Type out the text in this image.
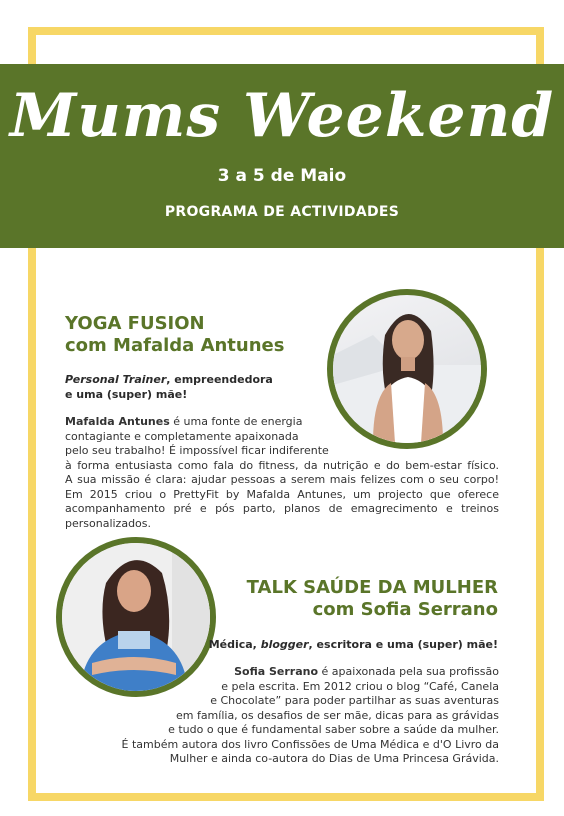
Mums Weekend
3 a 5 de Maio
PROGRAMA DE ACTIVIDADES
YOGA FUSION
com Mafalda Antunes
Personal Trainer, empreendedora
e uma (super) mãe!
Mafalda Antunes é uma fonte de energia
contagiante e completamente apaixonada
pelo seu trabalho! É impossível ficar indiferente
à forma entusiasta como fala do fitness, da nutrição e do bem-estar físico.
A sua missão é clara: ajudar pessoas a serem mais felizes com o seu corpo!
Em 2015 criou o PrettyFit by Mafalda Antunes, um projecto que oferece
acompanhamento pré e pós parto, planos de emagrecimento e treinos
personalizados.
TALK SAÚDE DA MULHER
com Sofia Serrano
Médica, blogger, escritora e uma (super) mãe!
Sofia Serrano é apaixonada pela sua profissão
e pela escrita. Em 2012 criou o blog “Café, Canela
e Chocolate” para poder partilhar as suas aventuras
em família, os desafios de ser mãe, dicas para as grávidas
e tudo o que é fundamental saber sobre a saúde da mulher.
É também autora dos livro Confissões de Uma Médica e d'O Livro da
Mulher e ainda co-autora do Dias de Uma Princesa Grávida.
